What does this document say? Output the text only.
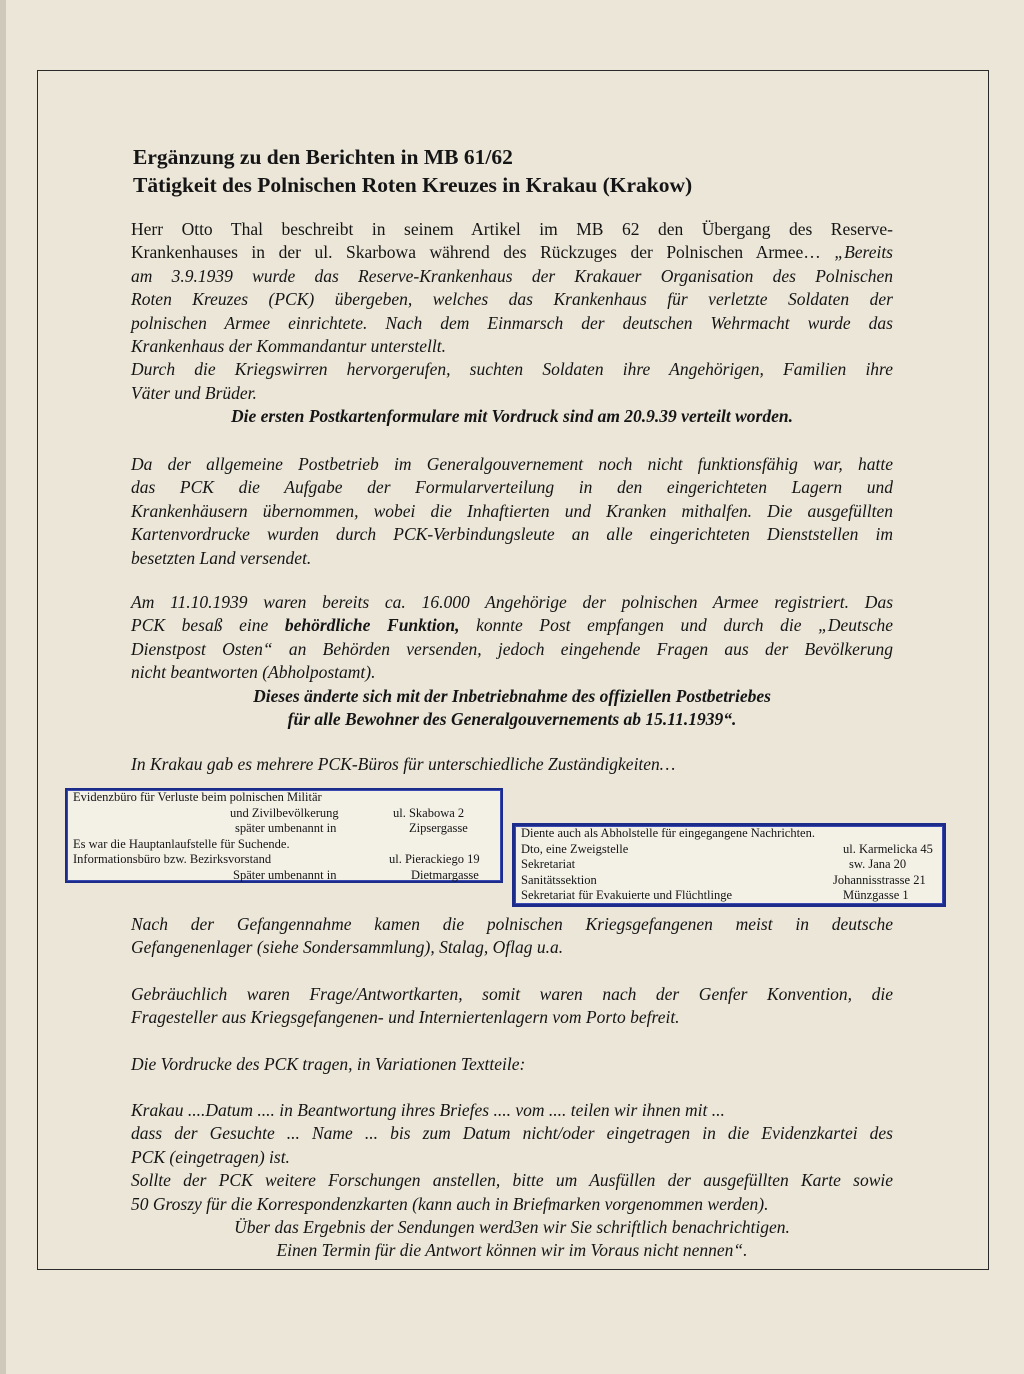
Ergänzung zu den Berichten in MB 61/62
Tätigkeit des Polnischen Roten Kreuzes in Krakau (Krakow)
Herr Otto Thal beschreibt in seinem Artikel im MB 62 den Übergang des Reserve-
Krankenhauses in der ul. Skarbowa während des Rückzuges der Polnischen Armee… „Bereits
am 3.9.1939 wurde das Reserve-Krankenhaus der Krakauer Organisation des Polnischen
Roten Kreuzes (PCK) übergeben, welches das Krankenhaus für verletzte Soldaten der
polnischen Armee einrichtete. Nach dem Einmarsch der deutschen Wehrmacht wurde das
Krankenhaus der Kommandantur unterstellt.
Durch die Kriegswirren hervorgerufen, suchten Soldaten ihre Angehörigen, Familien ihre
Väter und Brüder.
Die ersten Postkartenformulare mit Vordruck sind am 20.9.39 verteilt worden.
Da der allgemeine Postbetrieb im Generalgouvernement noch nicht funktionsfähig war, hatte
das PCK die Aufgabe der Formularverteilung in den eingerichteten Lagern und
Krankenhäusern übernommen, wobei die Inhaftierten und Kranken mithalfen. Die ausgefüllten
Kartenvordrucke wurden durch PCK-Verbindungsleute an alle eingerichteten Dienststellen im
besetzten Land versendet.
Am 11.10.1939 waren bereits ca. 16.000 Angehörige der polnischen Armee registriert. Das
PCK besaß eine behördliche Funktion, konnte Post empfangen und durch die „Deutsche
Dienstpost Osten“ an Behörden versenden, jedoch eingehende Fragen aus der Bevölkerung
nicht beantworten (Abholpostamt).
Dieses änderte sich mit der Inbetriebnahme des offiziellen Postbetriebes
für alle Bewohner des Generalgouvernements ab 15.11.1939“.
In Krakau gab es mehrere PCK-Büros für unterschiedliche Zuständigkeiten…
Evidenzbüro für Verluste beim polnischen Militär
und Zivilbevölkerung	ul. Skabowa 2
später umbenannt in	Zipsergasse
Es war die Hauptanlaufstelle für Suchende.
Informationsbüro bzw. Bezirksvorstand	ul. Pierackiego 19
Später umbenannt in	Dietmargasse
Diente auch als Abholstelle für eingegangene Nachrichten.
Dto, eine Zweigstelle	ul. Karmelicka 45
Sekretariat	sw. Jana 20
Sanitätssektion	Johannisstrasse 21
Sekretariat für Evakuierte und Flüchtlinge	Münzgasse 1
Nach der Gefangennahme kamen die polnischen Kriegsgefangenen meist in deutsche
Gefangenenlager (siehe Sondersammlung), Stalag, Oflag u.a.
Gebräuchlich waren Frage/Antwortkarten, somit waren nach der Genfer Konvention, die
Fragesteller aus Kriegsgefangenen- und Interniertenlagern vom Porto befreit.
Die Vordrucke des PCK tragen, in Variationen Textteile:
Krakau ....Datum .... in Beantwortung ihres Briefes .... vom .... teilen wir ihnen mit ...
dass der Gesuchte ... Name ... bis zum Datum nicht/oder eingetragen in die Evidenzkartei des
PCK (eingetragen) ist.
Sollte der PCK weitere Forschungen anstellen, bitte um Ausfüllen der ausgefüllten Karte sowie
50 Groszy für die Korrespondenzkarten (kann auch in Briefmarken vorgenommen werden).
Über das Ergebnis der Sendungen werd3en wir Sie schriftlich benachrichtigen.
Einen Termin für die Antwort können wir im Voraus nicht nennen“.
